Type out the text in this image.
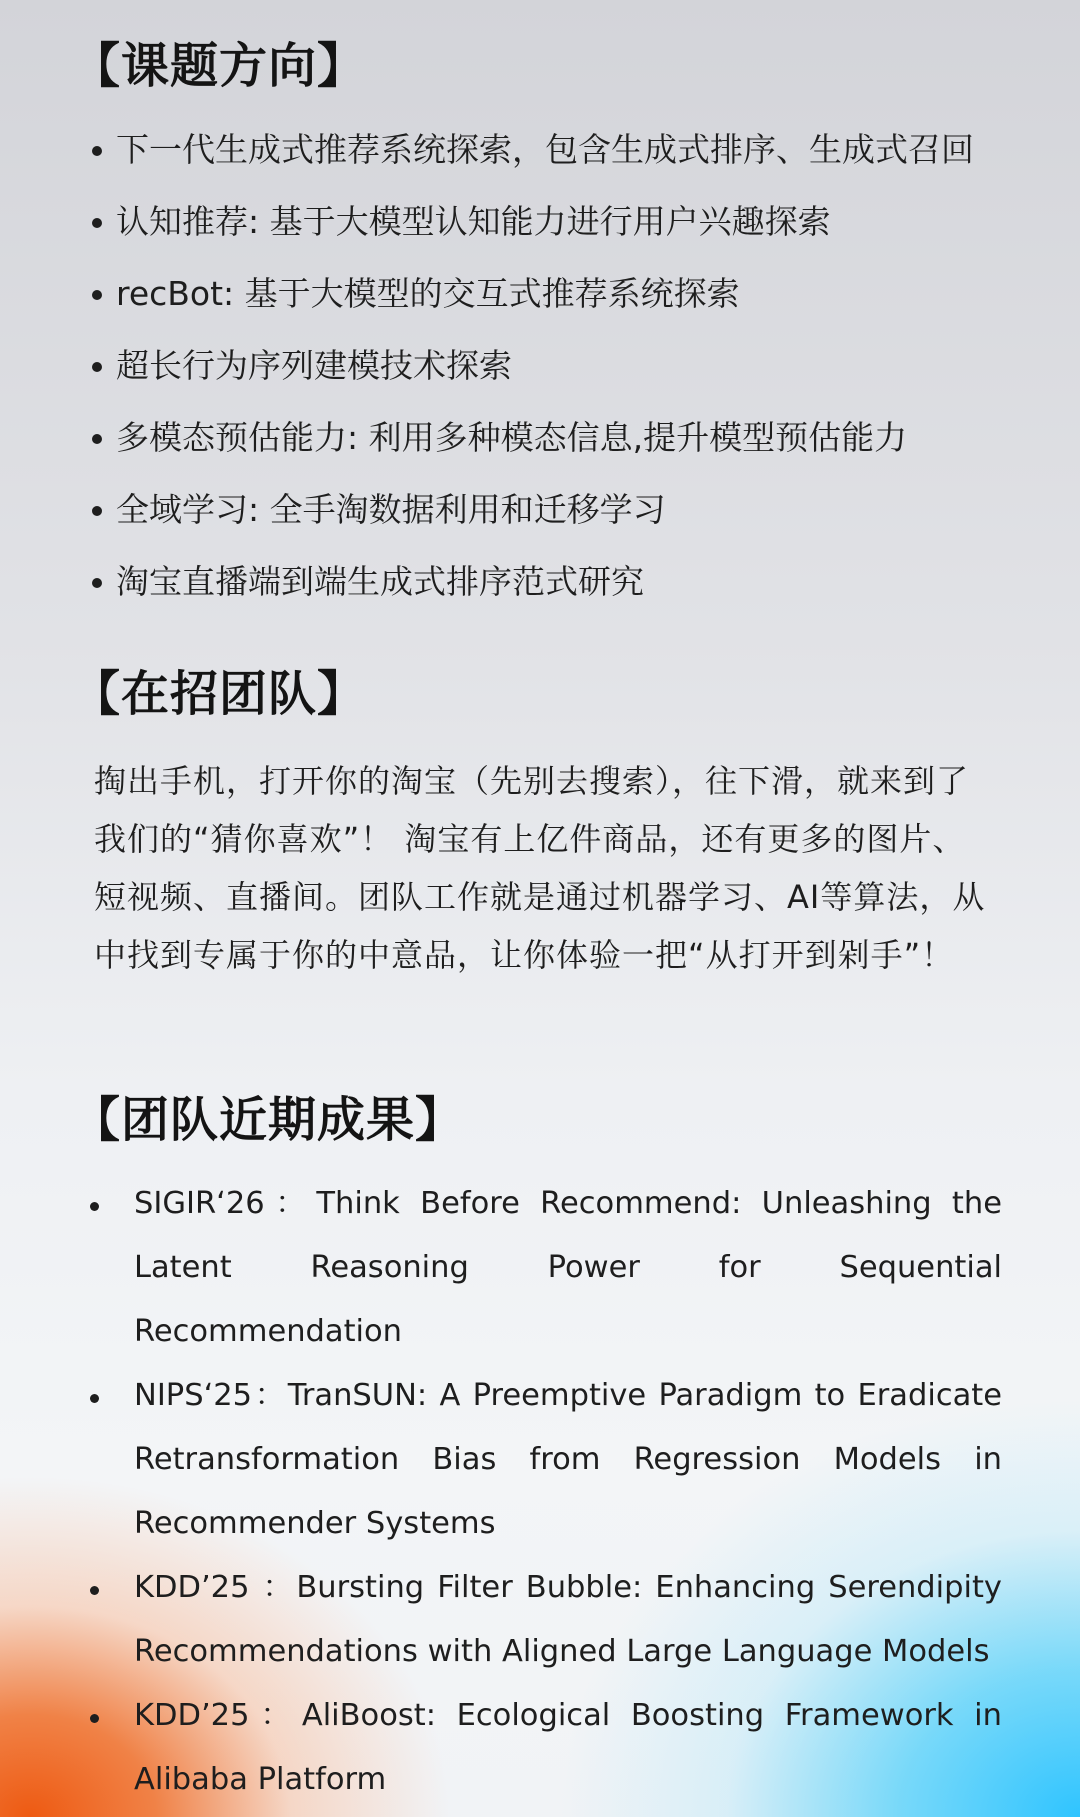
【课题方向】
下一代生成式推荐系统探索，包含生成式排序、生成式召回
认知推荐: 基于大模型认知能力进行用户兴趣探索
recBot: 基于大模型的交互式推荐系统探索
超长行为序列建模技术探索
多模态预估能力: 利用多种模态信息,提升模型预估能力
全域学习: 全手淘数据利用和迁移学习
淘宝直播端到端生成式排序范式研究
【在招团队】

掏出手机，打开你的淘宝（先别去搜索），往下滑，就来到了我们的“猜你喜欢”！ 淘宝有上亿件商品，还有更多的图片、短视频、直播间。团队工作就是通过机器学习、AI等算法，从中找到专属于你的中意品，让你体验一把“从打开到剁手”！

【团队近期成果】
SIGIR‘26：Think Before Recommend: Unleashing the Latent Reasoning Power for Sequential Recommendation
NIPS‘25：TranSUN: A Preemptive Paradigm to Eradicate Retransformation Bias from Regression Models in Recommender Systems
KDD’25 ：Bursting Filter Bubble: Enhancing Serendipity Recommendations with Aligned Large Language Models
KDD’25：AliBoost: Ecological Boosting Framework in Alibaba Platform
